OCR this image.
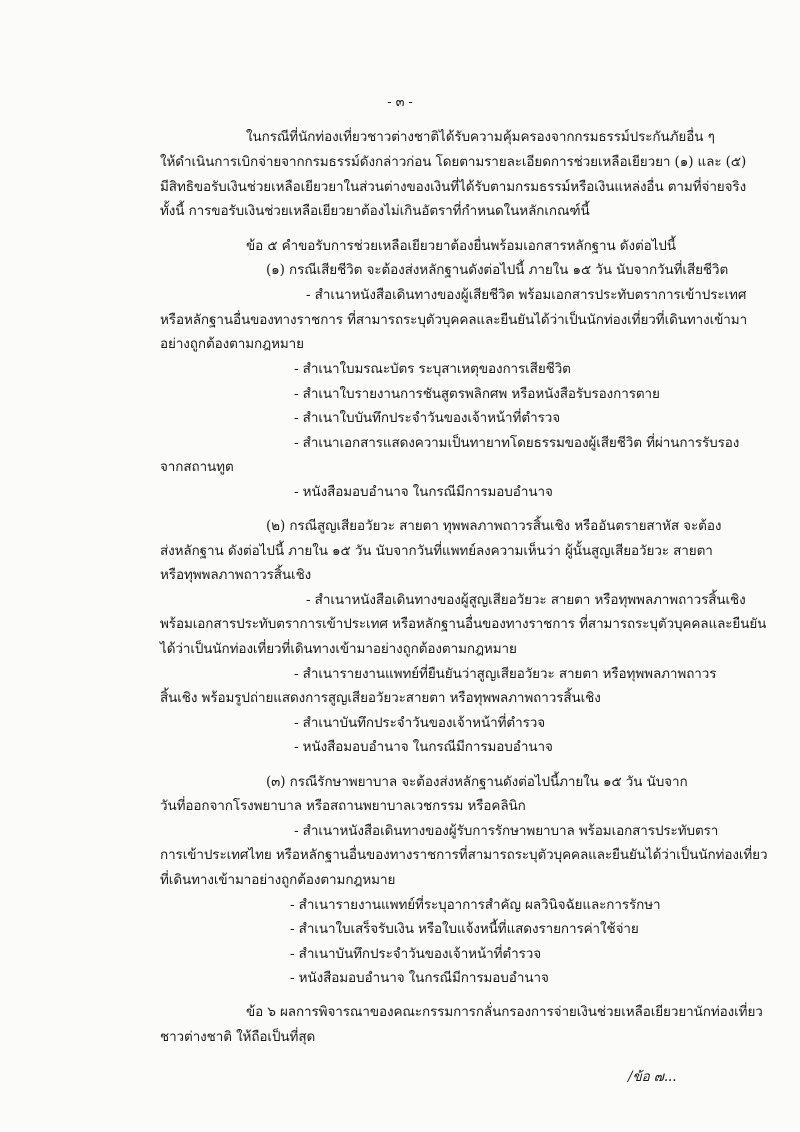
- ๓ -
ในกรณีที่นักท่องเที่ยวชาวต่างชาติได้รับความคุ้มครองจากกรมธรรม์ประกันภัยอื่น ๆ
ให้ดำเนินการเบิกจ่ายจากกรมธรรม์ดังกล่าวก่อน โดยตามรายละเอียดการช่วยเหลือเยียวยา (๑) และ (๕)
มีสิทธิขอรับเงินช่วยเหลือเยียวยาในส่วนต่างของเงินที่ได้รับตามกรมธรรม์หรือเงินแหล่งอื่น ตามที่จ่ายจริง
ทั้งนี้ การขอรับเงินช่วยเหลือเยียวยาต้องไม่เกินอัตราที่กำหนดในหลักเกณฑ์นี้
ข้อ ๕ คำขอรับการช่วยเหลือเยียวยาต้องยื่นพร้อมเอกสารหลักฐาน ดังต่อไปนี้
(๑) กรณีเสียชีวิต จะต้องส่งหลักฐานดังต่อไปนี้ ภายใน ๑๕ วัน นับจากวันที่เสียชีวิต
- สำเนาหนังสือเดินทางของผู้เสียชีวิต พร้อมเอกสารประทับตราการเข้าประเทศ
หรือหลักฐานอื่นของทางราชการ ที่สามารถระบุตัวบุคคลและยืนยันได้ว่าเป็นนักท่องเที่ยวที่เดินทางเข้ามา
อย่างถูกต้องตามกฎหมาย
- สำเนาใบมรณะบัตร ระบุสาเหตุของการเสียชีวิต
- สำเนาใบรายงานการชันสูตรพลิกศพ หรือหนังสือรับรองการตาย
- สำเนาใบบันทึกประจำวันของเจ้าหน้าที่ตำรวจ
- สำเนาเอกสารแสดงความเป็นทายาทโดยธรรมของผู้เสียชีวิต ที่ผ่านการรับรอง
จากสถานทูต
- หนังสือมอบอำนาจ ในกรณีมีการมอบอำนาจ
(๒) กรณีสูญเสียอวัยวะ สายตา ทุพพลภาพถาวรสิ้นเชิง หรืออันตรายสาหัส จะต้อง
ส่งหลักฐาน ดังต่อไปนี้ ภายใน ๑๕ วัน นับจากวันที่แพทย์ลงความเห็นว่า ผู้นั้นสูญเสียอวัยวะ สายตา
หรือทุพพลภาพถาวรสิ้นเชิง
- สำเนาหนังสือเดินทางของผู้สูญเสียอวัยวะ สายตา หรือทุพพลภาพถาวรสิ้นเชิง
พร้อมเอกสารประทับตราการเข้าประเทศ หรือหลักฐานอื่นของทางราชการ ที่สามารถระบุตัวบุคคลและยืนยัน
ได้ว่าเป็นนักท่องเที่ยวที่เดินทางเข้ามาอย่างถูกต้องตามกฎหมาย
- สำเนารายงานแพทย์ที่ยืนยันว่าสูญเสียอวัยวะ สายตา หรือทุพพลภาพถาวร
สิ้นเชิง พร้อมรูปถ่ายแสดงการสูญเสียอวัยวะสายตา หรือทุพพลภาพถาวรสิ้นเชิง
- สำเนาบันทึกประจำวันของเจ้าหน้าที่ตำรวจ
- หนังสือมอบอำนาจ ในกรณีมีการมอบอำนาจ
(๓) กรณีรักษาพยาบาล จะต้องส่งหลักฐานดังต่อไปนี้ภายใน ๑๕ วัน นับจาก
วันที่ออกจากโรงพยาบาล หรือสถานพยาบาลเวชกรรม หรือคลินิก
- สำเนาหนังสือเดินทางของผู้รับการรักษาพยาบาล พร้อมเอกสารประทับตรา
การเข้าประเทศไทย หรือหลักฐานอื่นของทางราชการที่สามารถระบุตัวบุคคลและยืนยันได้ว่าเป็นนักท่องเที่ยว
ที่เดินทางเข้ามาอย่างถูกต้องตามกฎหมาย
- สำเนารายงานแพทย์ที่ระบุอาการสำคัญ ผลวินิจฉัยและการรักษา
- สำเนาใบเสร็จรับเงิน หรือใบแจ้งหนี้ที่แสดงรายการค่าใช้จ่าย
- สำเนาบันทึกประจำวันของเจ้าหน้าที่ตำรวจ
- หนังสือมอบอำนาจ ในกรณีมีการมอบอำนาจ
ข้อ ๖ ผลการพิจารณาของคณะกรรมการกลั่นกรองการจ่ายเงินช่วยเหลือเยียวยานักท่องเที่ยว
ชาวต่างชาติ ให้ถือเป็นที่สุด
/ข้อ ๗...
